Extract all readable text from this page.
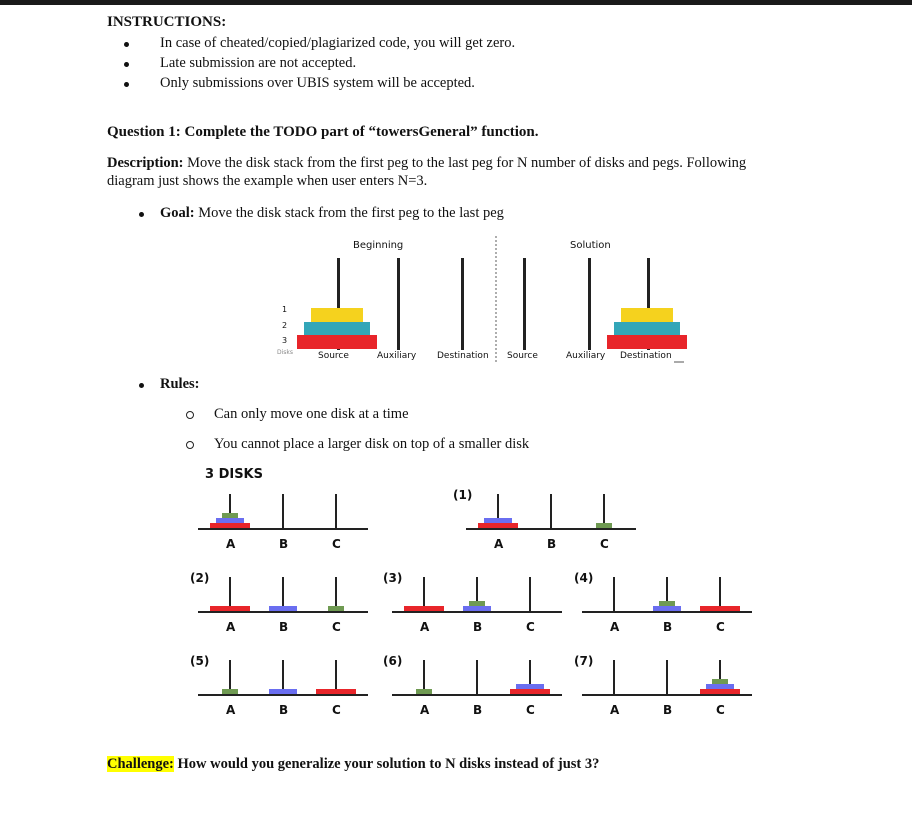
INSTRUCTIONS:
In case of cheated/copied/plagiarized code, you will get zero.
Late submission are not accepted.
Only submissions over UBIS system will be accepted.
Question 1: Complete the TODO part of “towersGeneral” function.
Description: Move the disk stack from the first peg to the last peg for N number of disks and pegs. Following diagram just shows the example when user enters N=3.
Goal: Move the disk stack from the first peg to the last peg
Beginning	Solution
1
2
3
Disks	Source	Auxiliary Destination Source	Auxiliary Destination
Rules:
Can only move one disk at a time
You cannot place a larger disk on top of a smaller disk
3 DISKS
(1)
(2)	(3)	(4)
(5)	(6)	(7)
A	B	C	A	B	C
A	B	C	A	B	C	A	B	C
A	B	C	A	B	C	A	B	C
Challenge: How would you generalize your solution to N disks instead of just 3?
